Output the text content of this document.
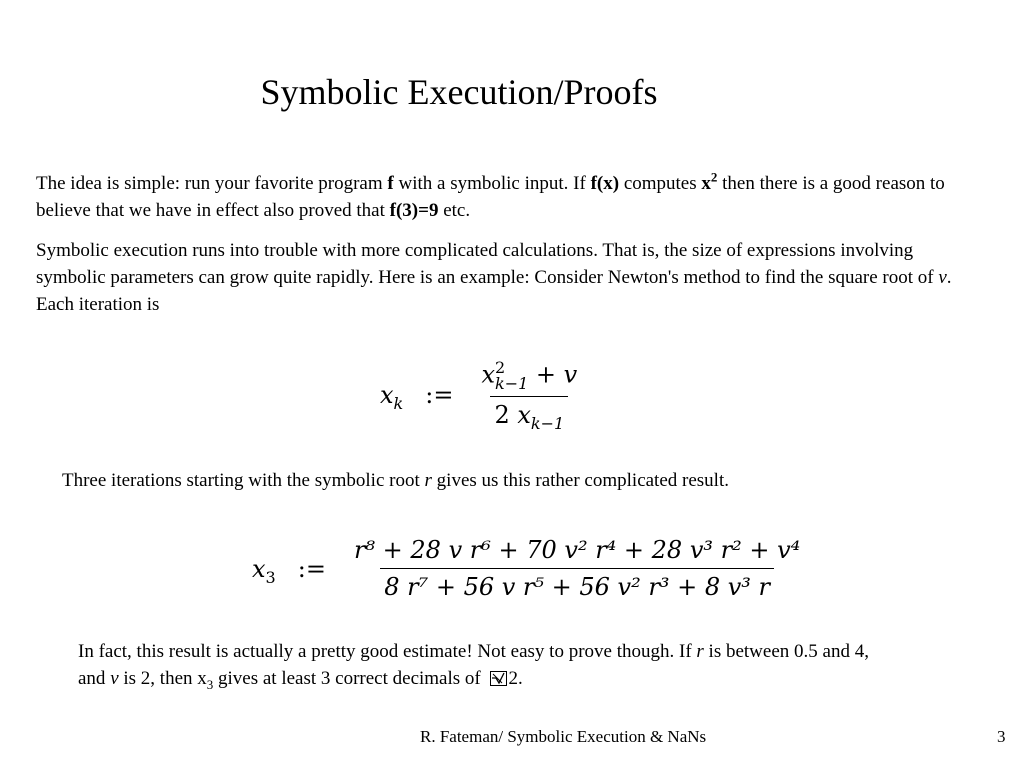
Symbolic Execution/Proofs
The idea is simple: run your favorite program f with a symbolic input. If f(x) computes $x^2$ then there is a good reason to believe that we have in effect also proved that f(3)=9 etc.
Symbolic execution runs into trouble with more complicated calculations. That is, the size of expressions involving symbolic parameters can grow quite rapidly. Here is an example: Consider Newton's method to find the square root of v. Each iteration is
$x_k$ := x 2
k−1 + v
2 $x_{k-1}$
Three iterations starting with the symbolic root r gives us this rather complicated result.
$x_3$ := $\frac{\text{r⁸ + 28 v r⁶ + 70 v² r⁴ + 28 v³ r² + v⁴}}{\text{8 r⁷ + 56 v r⁵ + 56 v² r³ + 8 v³ r}}$
In fact, this result is actually a pretty good estimate! Not easy to prove though. If r is between 0.5 and 4, and v is 2, then $x_3$ gives at least 3 correct decimals of
2.
R. Fateman/ Symbolic Execution & NaNs	3
